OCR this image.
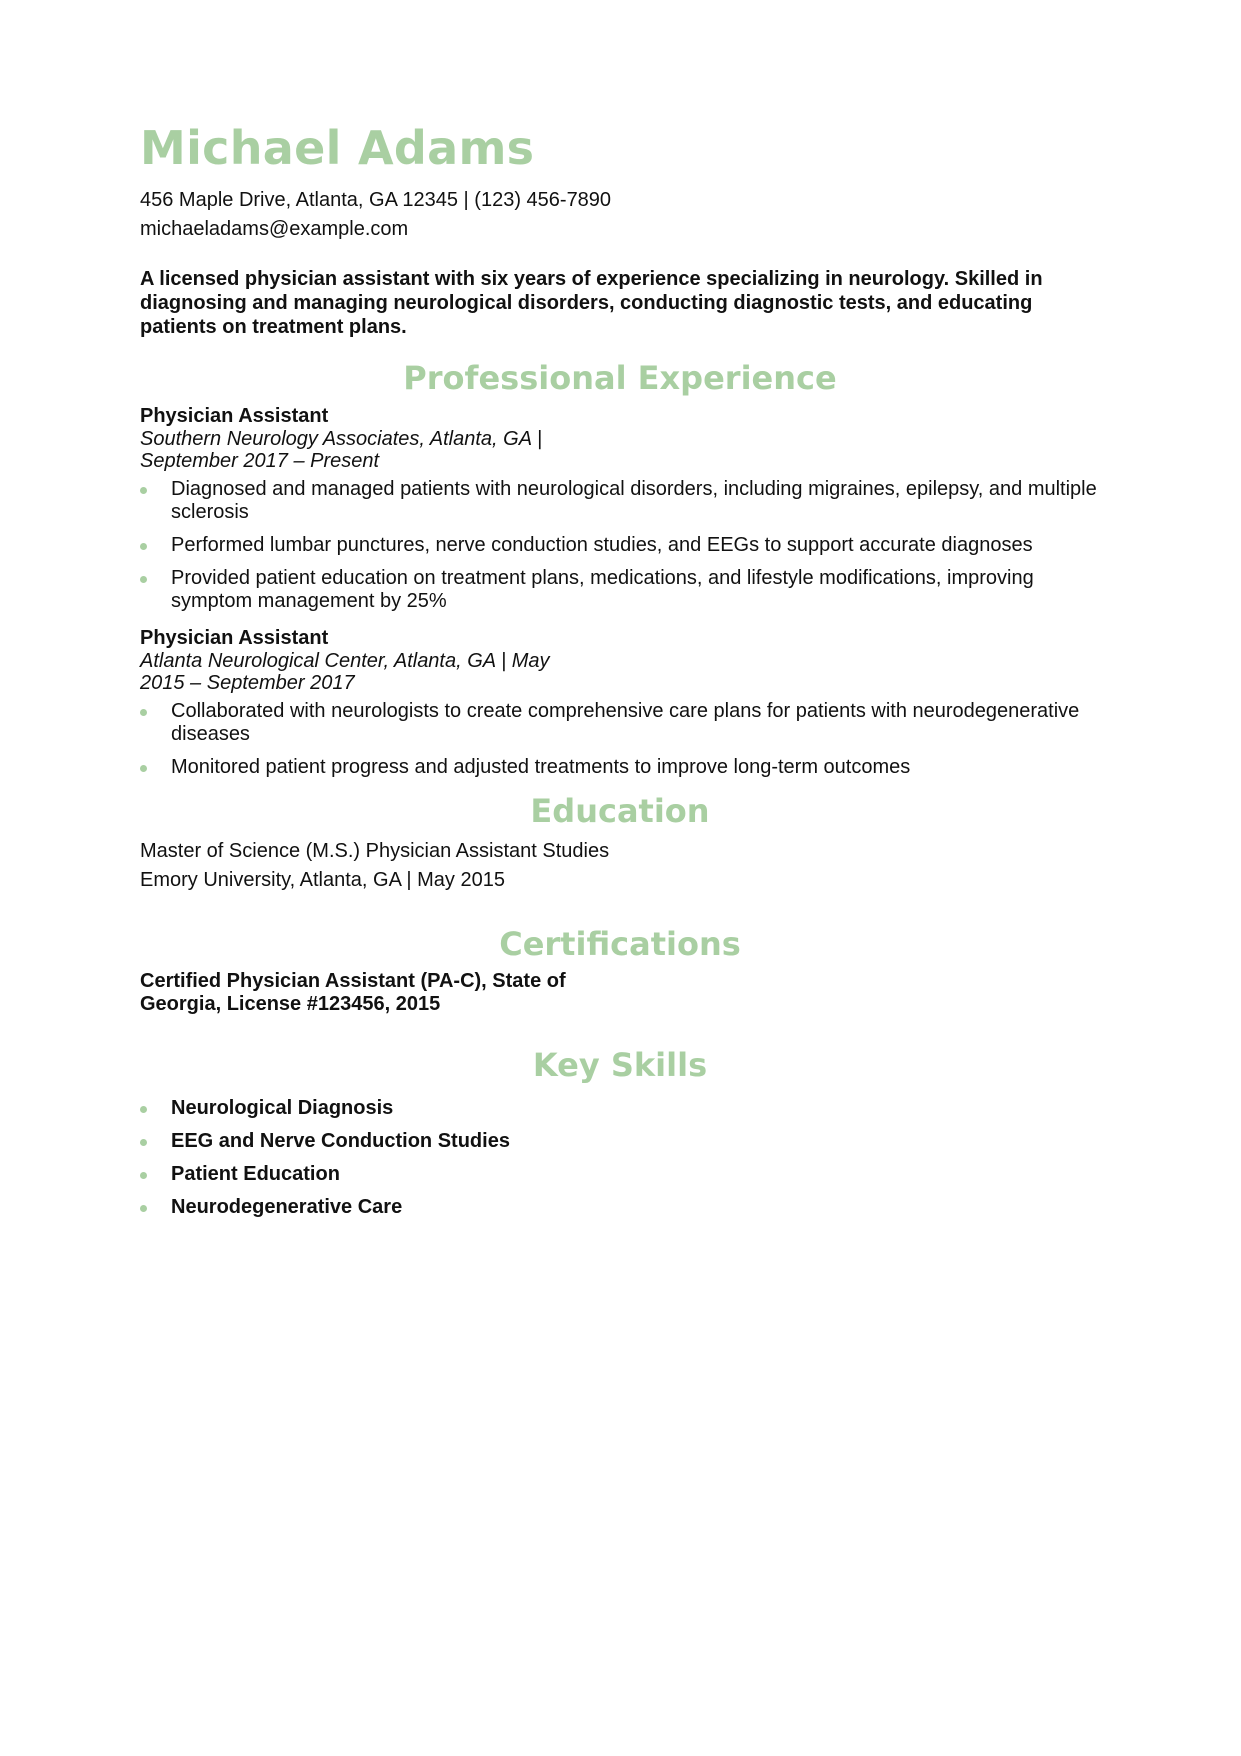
Michael Adams
456 Maple Drive, Atlanta, GA 12345 | (123) 456-7890
michaeladams@example.com
A licensed physician assistant with six years of experience specializing in neurology. Skilled in diagnosing and managing neurological disorders, conducting diagnostic tests, and educating patients on treatment plans.
Professional Experience
Physician Assistant
Southern Neurology Associates, Atlanta, GA | September 2017 – Present
Diagnosed and managed patients with neurological disorders, including migraines, epilepsy, and multiple sclerosis
Performed lumbar punctures, nerve conduction studies, and EEGs to support accurate diagnoses
Provided patient education on treatment plans, medications, and lifestyle modifications, improving symptom management by 25%
Physician Assistant
Atlanta Neurological Center, Atlanta, GA | May 2015 – September 2017
Collaborated with neurologists to create comprehensive care plans for patients with neurodegenerative diseases
Monitored patient progress and adjusted treatments to improve long-term outcomes
Education
Master of Science (M.S.) Physician Assistant Studies
Emory University, Atlanta, GA | May 2015
Certifications
Certified Physician Assistant (PA-C), State of Georgia, License #123456, 2015
Key Skills
Neurological Diagnosis
EEG and Nerve Conduction Studies
Patient Education
Neurodegenerative Care
